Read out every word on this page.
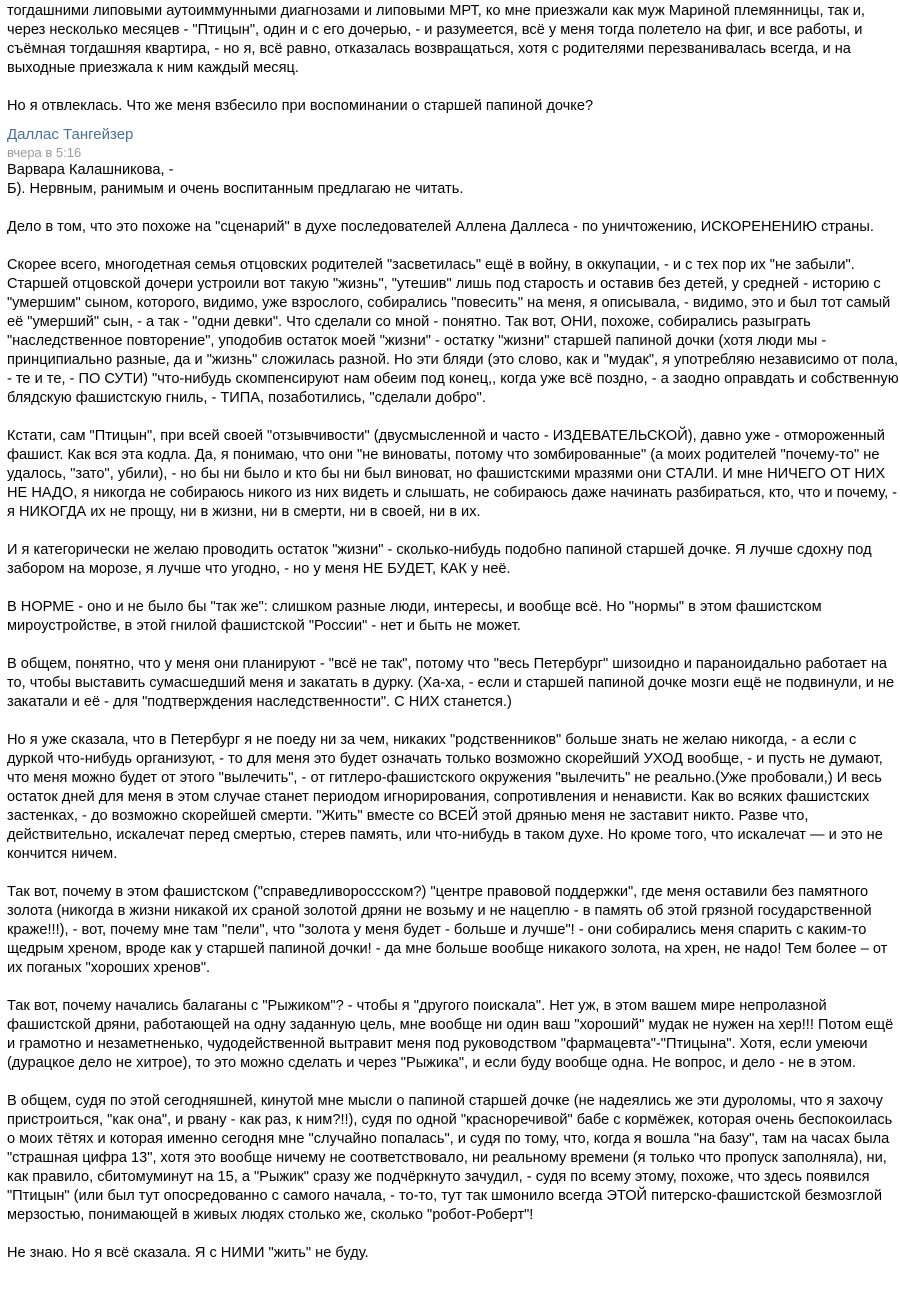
тогдашними липовыми аутоиммунными диагнозами и липовыми МРТ, ко мне приезжали как муж Мариной племянницы, так и, через несколько месяцев - "Птицын", один и с его дочерью, - и разумеется, всё у меня тогда полетело на фиг, и все работы, и съёмная тогдашняя квартира, - но я, всё равно, отказалась возвращаться, хотя с родителями перезванивалась всегда, и на выходные приезжала к ним каждый месяц.

Но я отвлеклась. Что же меня взбесило при воспоминании о старшей папиной дочке?

Даллас Тангейзер
вчера в 5:16

Варвара Калашникова, -
Б). Нервным, ранимым и очень воспитанным предлагаю не читать.

Дело в том, что это похоже на "сценарий" в духе последователей Аллена Даллеса - по уничтожению, ИСКОРЕНЕНИЮ страны.

Скорее всего, многодетная семья отцовских родителей "засветилась" ещё в войну, в оккупации, - и с тех пор их "не забыли". Старшей отцовской дочери устроили вот такую "жизнь", "утешив" лишь под старость и оставив без детей, у средней - историю с "умершим" сыном, которого, видимо, уже взрослого, собирались "повесить" на меня, я описывала, - видимо, это и был тот самый её "умерший" сын, - а так - "одни девки". Что сделали со мной - понятно. Так вот, ОНИ, похоже, собирались разыграть "наследственное повторение", уподобив остаток моей "жизни" - остатку "жизни" старшей папиной дочки (хотя люди мы - принципиально разные, да и "жизнь" сложилась разной. Но эти бляди (это слово, как и "мудак", я употребляю независимо от пола, - те и те, - ПО СУТИ) "что-нибудь скомпенсируют нам обеим под конец,, когда уже всё поздно, - а заодно оправдать и собственную блядскую фашистскую гниль, - ТИПА, позаботились, "сделали добро".

Кстати, сам "Птицын", при всей своей "отзывчивости" (двусмысленной и часто - ИЗДЕВАТЕЛЬСКОЙ), давно уже - отмороженный фашист. Как вся эта кодла. Да, я понимаю, что они "не виноваты, потому что зомбированные" (а моих родителей "почему-то" не удалось, "зато", убили), - но бы ни было и кто бы ни был виноват, но фашистскими мразями они СТАЛИ. И мне НИЧЕГО ОТ НИХ НЕ НАДО, я никогда не собираюсь никого из них видеть и слышать, не собираюсь даже начинать разбираться, кто, что и почему, - я НИКОГДА их не прощу, ни в жизни, ни в смерти, ни в своей, ни в их.

И я категорически не желаю проводить остаток "жизни" - сколько-нибудь подобно папиной старшей дочке. Я лучше сдохну под забором на морозе, я лучше что угодно, - но у меня НЕ БУДЕТ, КАК у неё.

В НОРМЕ - оно и не было бы "так же": слишком разные люди, интересы, и вообще всё. Но "нормы" в этом фашистском мироустройстве, в этой гнилой фашистской "России" - нет и быть не может.

В общем, понятно, что у меня они планируют - "всё не так", потому что "весь Петербург" шизоидно и параноидально работает на то, чтобы выставить сумасшедший меня и закатать в дурку. (Ха-ха, - если и старшей папиной дочке мозги ещё не подвинули, и не закатали и её - для "подтверждения наследственности". С НИХ станется.)

Но я уже сказала, что в Петербург я не поеду ни за чем, никаких "родственников" больше знать не желаю никогда, - а если с дуркой что-нибудь организуют, - то для меня это будет означать только возможно скорейший УХОД вообще, - и пусть не думают, что меня можно будет от этого "вылечить", - от гитлеро-фашистского окружения "вылечить" не реально.(Уже пробовали,) И весь остаток дней для меня в этом случае станет периодом игнорирования, сопротивления и ненависти. Как во всяких фашистских застенках, - до возможно скорейшей смерти. "Жить" вместе со ВСЕЙ этой дрянью меня не заставит никто. Разве что, действительно, искалечат перед смертью, стерев память, или что-нибудь в таком духе. Но кроме того, что искалечат — и это не кончится ничем.

Так вот, почему в этом фашистском ("справедливороссском?) "центре правовой поддержки", где меня оставили без памятного золота (никогда в жизни никакой их сраной золотой дряни не возьму и не нацеплю - в память об этой грязной государственной краже!!!), - вот, почему мне там "пели", что "золота у меня будет - больше и лучше"! - они собирались меня спарить с каким-то щедрым хреном, вроде как у старшей папиной дочки! - да мне больше вообще никакого золота, на хрен, не надо! Тем более – от их поганых "хороших хренов".

Так вот, почему начались балаганы с "Рыжиком"? - чтобы я "другого поискала". Нет уж, в этом вашем мире непролазной фашистской дряни, работающей на одну заданную цель, мне вообще ни один ваш "хороший" мудак не нужен на хер!!! Потом ещё и грамотно и незаметненько, чудодейственной вытравит меня под руководством "фармацевта"-"Птицына". Хотя, если умеючи (дурацкое дело не хитрое), то это можно сделать и через "Рыжика", и если буду вообще одна. Не вопрос, и дело - не в этом.

В общем, судя по этой сегодняшней, кинутой мне мысли о папиной старшей дочке (не надеялись же эти дуроломы, что я захочу пристроиться, "как она", и рвану - как раз, к ним?!!), судя по одной "красноречивой" бабе с кормёжек, которая очень беспокоилась о моих тётях и которая именно сегодня мне "случайно попалась", и судя по тому, что, когда я вошла "на базу", там на часах была "страшная цифра 13", хотя это вообще ничему не соответствовало, ни реальному времени (я только что пропуск заполняла), ни, как правило, сбитомуминут на 15, а "Рыжик" сразу же подчёркнуто зачудил, - судя по всему этому, похоже, что здесь появился "Птицын" (или был тут опосредованно с самого начала, - то-то, тут так шмонило всегда ЭТОЙ питерско-фашистской безмозглой мерзостью, понимающей в живых людях столько же, сколько "робот-Роберт"!

Не знаю. Но я всё сказала. Я с НИМИ "жить" не буду.
